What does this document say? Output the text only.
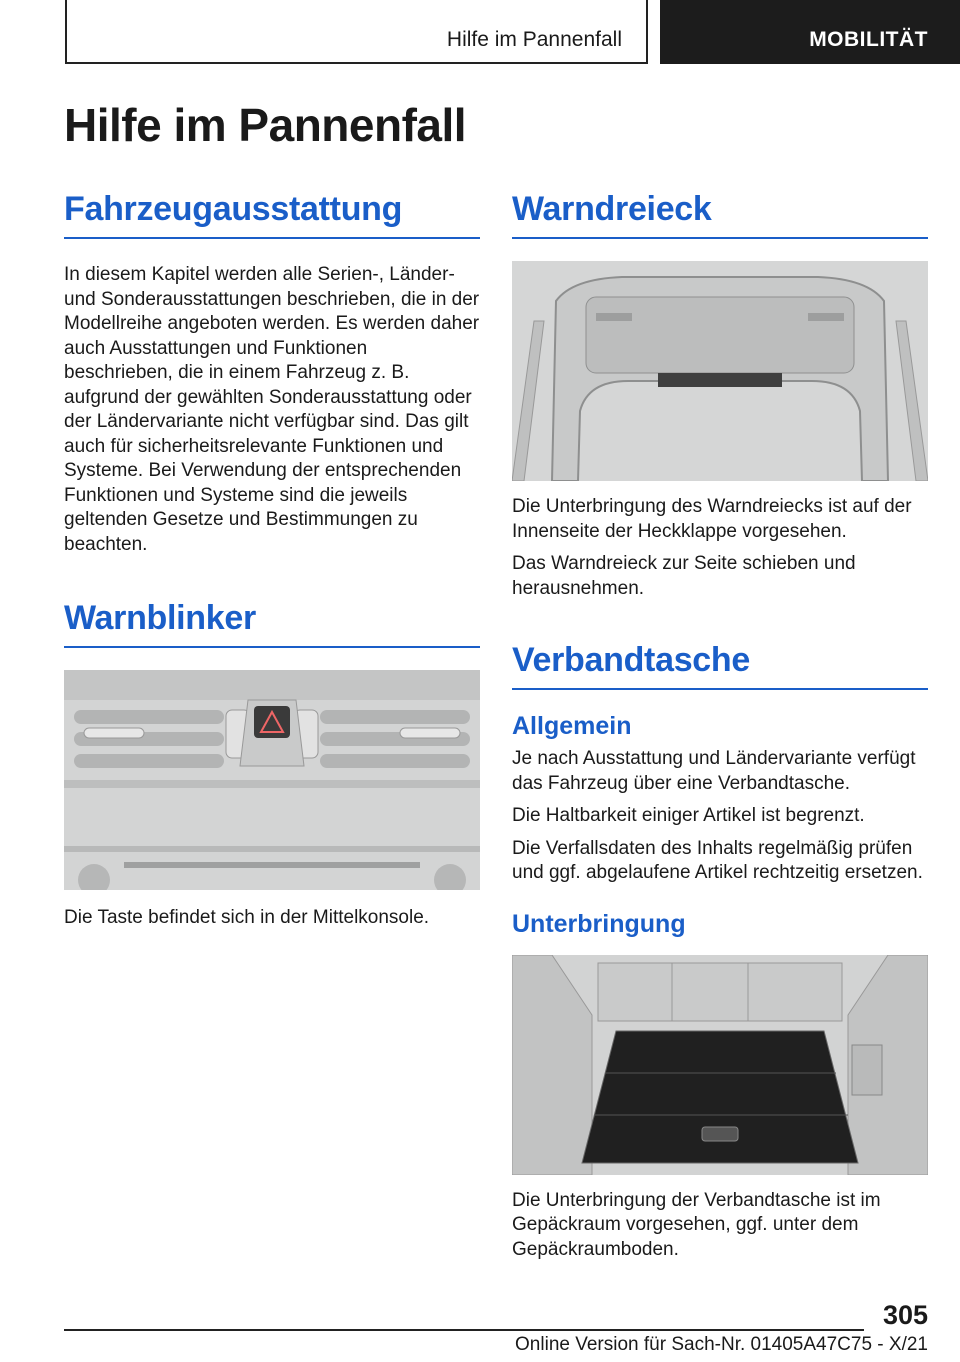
Hilfe im Pannenfall	MOBILITÄT
Hilfe im Pannenfall
Fahrzeugausstattung

In diesem Kapitel werden alle Serien-, Länder- und Sonderausstattungen beschrieben, die in der Modellreihe angeboten werden. Es werden daher auch Ausstattungen und Funktionen beschrieben, die in einem Fahrzeug z. B. aufgrund der gewählten Sonderausstattung oder der Ländervariante nicht verfügbar sind. Das gilt auch für sicherheitsrelevante Funktionen und Systeme. Bei Verwendung der entsprechenden Funktionen und Systeme sind die jeweils geltenden Gesetze und Bestimmungen zu beachten.

Warnblinker

Die Taste befindet sich in der Mittelkonsole.

Warndreieck

Die Unterbringung des Warndreiecks ist auf der Innenseite der Heckklappe vorgesehen.

Das Warndreieck zur Seite schieben und herausnehmen.

Verbandtasche
Allgemein

Je nach Ausstattung und Ländervariante verfügt das Fahrzeug über eine Verbandtasche.

Die Haltbarkeit einiger Artikel ist begrenzt.

Die Verfallsdaten des Inhalts regelmäßig prüfen und ggf. abgelaufene Artikel rechtzeitig ersetzen.

Unterbringung

Die Unterbringung der Verbandtasche ist im Gepäckraum vorgesehen, ggf. unter dem Gepäckraumboden.

305
Online Version für Sach-Nr. 01405A47C75 - X/21
